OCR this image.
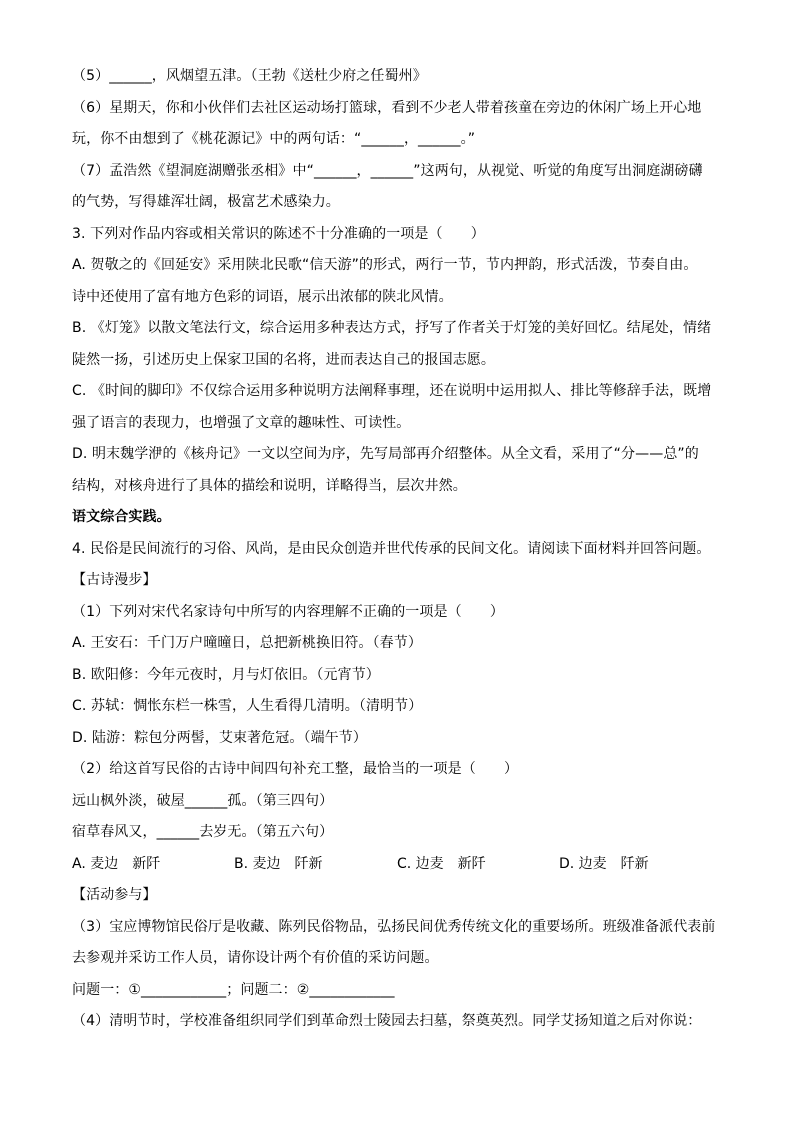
（5）______，风烟望五津。（王勃《送杜少府之任蜀州》
（6）星期天，你和小伙伴们去社区运动场打篮球，看到不少老人带着孩童在旁边的休闲广场上开心地
玩，你不由想到了《桃花源记》中的两句话：“______，______。”
（7）孟浩然《望洞庭湖赠张丞相》中“______，______”这两句，从视觉、听觉的角度写出洞庭湖磅礴
的气势，写得雄浑壮阔，极富艺术感染力。
3. 下列对作品内容或相关常识的陈述不十分准确的一项是（　　）
A. 贺敬之的《回延安》采用陕北民歌“信天游”的形式，两行一节，节内押韵，形式活泼，节奏自由。
诗中还使用了富有地方色彩的词语，展示出浓郁的陕北风情。
B. 《灯笼》以散文笔法行文，综合运用多种表达方式，抒写了作者关于灯笼的美好回忆。结尾处，情绪
陡然一扬，引述历史上保家卫国的名将，进而表达自己的报国志愿。
C. 《时间的脚印》不仅综合运用多种说明方法阐释事理，还在说明中运用拟人、排比等修辞手法，既增
强了语言的表现力，也增强了文章的趣味性、可读性。
D. 明末魏学洢的《核舟记》一文以空间为序，先写局部再介绍整体。从全文看，采用了“分——总”的
结构，对核舟进行了具体的描绘和说明，详略得当，层次井然。
语文综合实践。
4. 民俗是民间流行的习俗、风尚，是由民众创造并世代传承的民间文化。请阅读下面材料并回答问题。
【古诗漫步】
（1）下列对宋代名家诗句中所写的内容理解不正确的一项是（　　）
A. 王安石：千门万户曈曈日，总把新桃换旧符。（春节）
B. 欧阳修：今年元夜时，月与灯依旧。（元宵节）
C. 苏轼：惆怅东栏一株雪，人生看得几清明。（清明节）
D. 陆游：粽包分两髻，艾束著危冠。（端午节）
（2）给这首写民俗的古诗中间四句补充工整，最恰当的一项是（　　）
远山枫外淡，破屋______孤。（第三四句）
宿草春风又，______去岁无。（第五六句）
A. 麦边　新阡	B. 麦边　阡新	C. 边麦　新阡	D. 边麦　阡新
【活动参与】
（3）宝应博物馆民俗厅是收藏、陈列民俗物品，弘扬民间优秀传统文化的重要场所。班级准备派代表前
去参观并采访工作人员，请你设计两个有价值的采访问题。
问题一：①____________；问题二：②____________
（4）清明节时，学校准备组织同学们到革命烈士陵园去扫墓，祭奠英烈。同学艾扬知道之后对你说：
